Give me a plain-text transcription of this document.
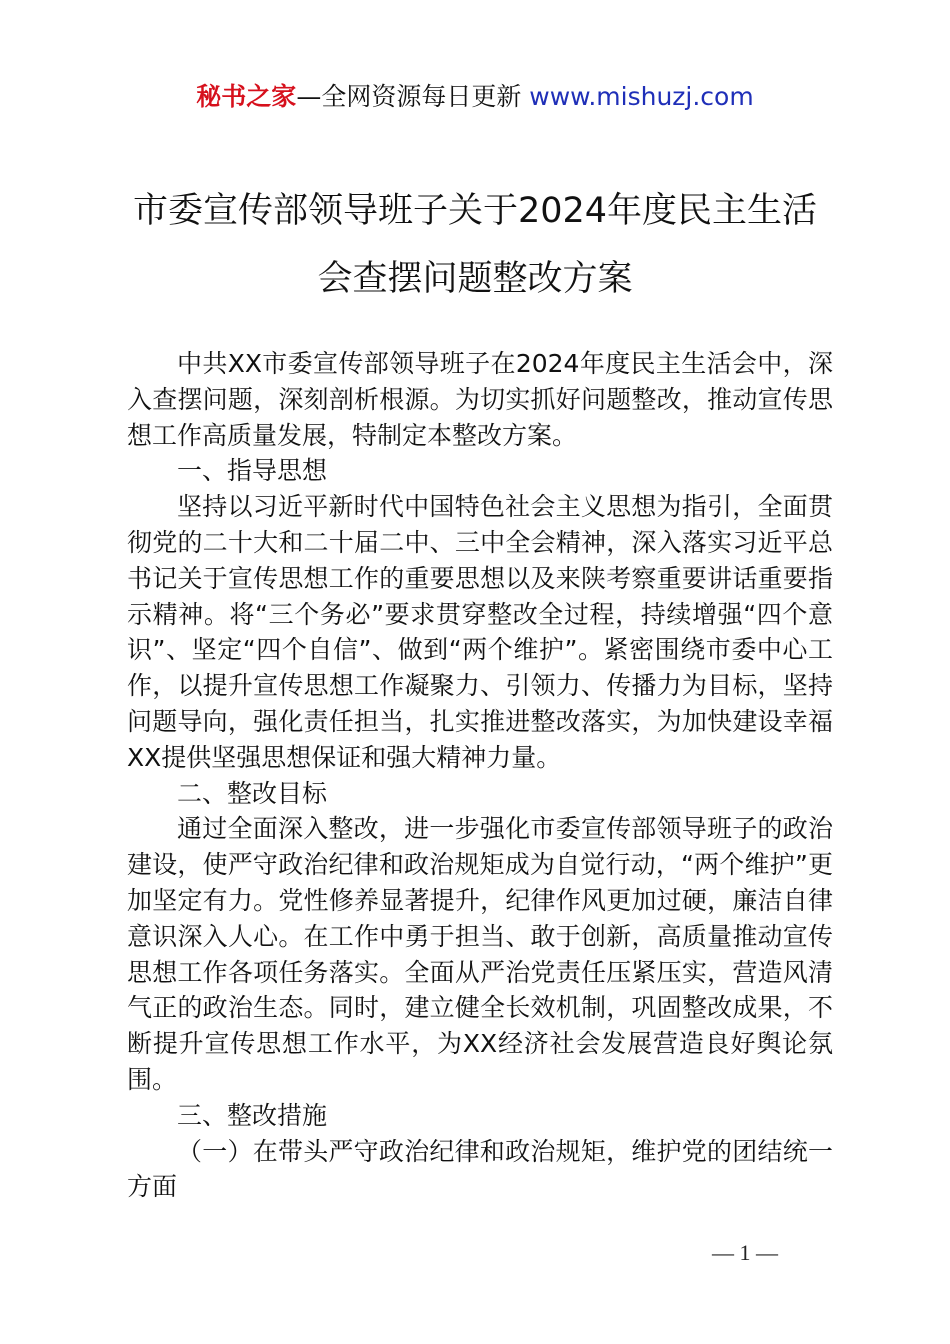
秘书之家—全网资源每日更新 www.mishuzj.com
市委宣传部领导班子关于2024年度民主生活
会查摆问题整改方案

中共XX市委宣传部领导班子在2024年度民主生活会中，深入查摆问题，深刻剖析根源。为切实抓好问题整改，推动宣传思想工作高质量发展，特制定本整改方案。

一、指导思想

坚持以习近平新时代中国特色社会主义思想为指引，全面贯彻党的二十大和二十届二中、三中全会精神，深入落实习近平总书记关于宣传思想工作的重要思想以及来陕考察重要讲话重要指示精神。将“三个务必”要求贯穿整改全过程，持续增强“四个意识”、坚定“四个自信”、做到“两个维护”。紧密围绕市委中心工作，以提升宣传思想工作凝聚力、引领力、传播力为目标，坚持问题导向，强化责任担当，扎实推进整改落实，为加快建设幸福XX提供坚强思想保证和强大精神力量。

二、整改目标

通过全面深入整改，进一步强化市委宣传部领导班子的政治建设，使严守政治纪律和政治规矩成为自觉行动，“两个维护”更加坚定有力。党性修养显著提升，纪律作风更加过硬，廉洁自律意识深入人心。在工作中勇于担当、敢于创新，高质量推动宣传思想工作各项任务落实。全面从严治党责任压紧压实，营造风清气正的政治生态。同时，建立健全长效机制，巩固整改成果，不断提升宣传思想工作水平，为XX经济社会发展营造良好舆论氛围。

三、整改措施

（一）在带头严守政治纪律和政治规矩，维护党的团结统一方面

— 1 —
